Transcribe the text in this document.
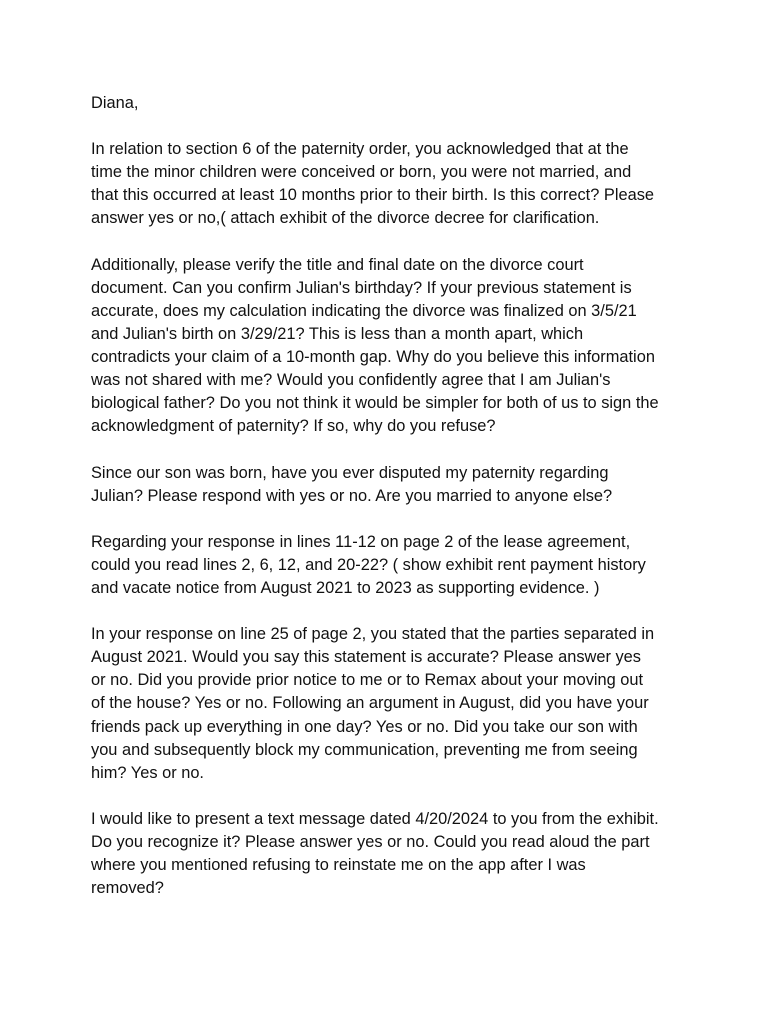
Diana,
In relation to section 6 of the paternity order, you acknowledged that at the
time the minor children were conceived or born, you were not married, and
that this occurred at least 10 months prior to their birth. Is this correct? Please
answer yes or no,( attach exhibit of the divorce decree for clarification.
Additionally, please verify the title and final date on the divorce court
document. Can you confirm Julian's birthday? If your previous statement is
accurate, does my calculation indicating the divorce was finalized on 3/5/21
and Julian's birth on 3/29/21? This is less than a month apart, which
contradicts your claim of a 10-month gap. Why do you believe this information
was not shared with me? Would you confidently agree that I am Julian's
biological father? Do you not think it would be simpler for both of us to sign the
acknowledgment of paternity? If so, why do you refuse?
Since our son was born, have you ever disputed my paternity regarding
Julian? Please respond with yes or no. Are you married to anyone else?
Regarding your response in lines 11-12 on page 2 of the lease agreement,
could you read lines 2, 6, 12, and 20-22? ( show exhibit rent payment history
and vacate notice from August 2021 to 2023 as supporting evidence. )
In your response on line 25 of page 2, you stated that the parties separated in
August 2021. Would you say this statement is accurate? Please answer yes
or no. Did you provide prior notice to me or to Remax about your moving out
of the house? Yes or no. Following an argument in August, did you have your
friends pack up everything in one day? Yes or no. Did you take our son with
you and subsequently block my communication, preventing me from seeing
him? Yes or no.
I would like to present a text message dated 4/20/2024 to you from the exhibit.
Do you recognize it? Please answer yes or no. Could you read aloud the part
where you mentioned refusing to reinstate me on the app after I was
removed?
